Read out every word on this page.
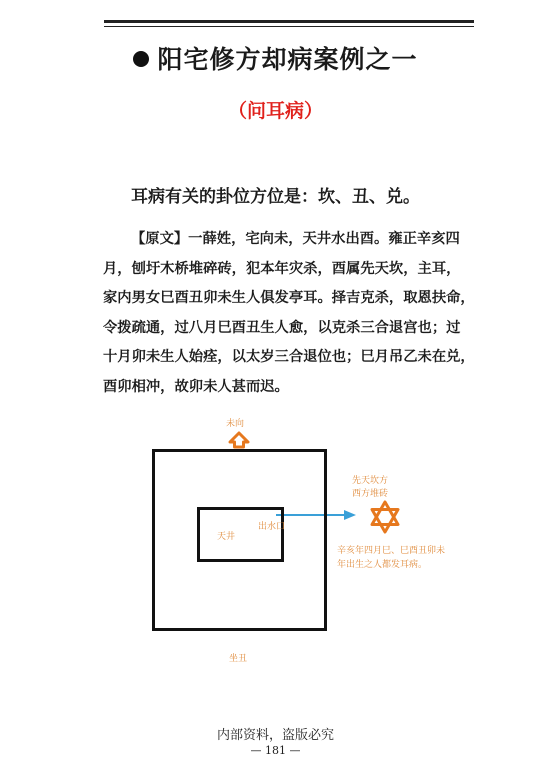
阳宅修方却病案例之一
（问耳病）
耳病有关的卦位方位是：坎、丑、兑。
【原文】一薛姓，宅向未，天井水出酉。雍正辛亥四
月，刨圩木桥堆碎砖，犯本年灾杀，酉属先天坎，主耳，
家内男女巳酉丑卯未生人俱发亭耳。择吉克杀，取恩扶命，
令拨疏通，过八月巳酉丑生人愈，以克杀三合退宫也；过
十月卯未生人始痊，以太岁三合退位也；巳月吊乙未在兑，
酉卯相冲，故卯未人甚而迟。
未向
天井
出水口
先天坎方
西方堆砖
辛亥年四月巳、巳酉丑卯未年出生之人都发耳病。
坐丑
内部资料，盗版必究
— 181 —
